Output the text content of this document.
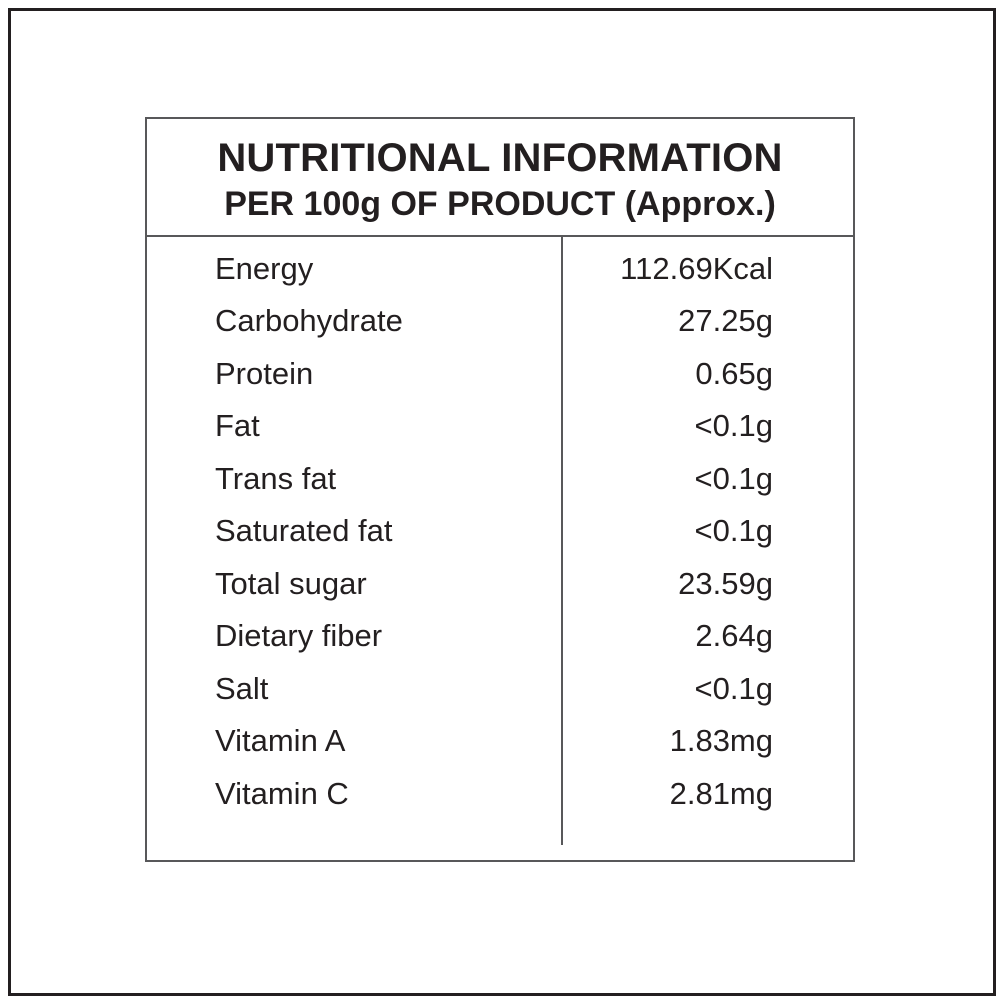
NUTRITIONAL INFORMATION
PER 100g OF PRODUCT (Approx.)
Energy	112.69Kcal
Carbohydrate	27.25g
Protein	0.65g
Fat	<0.1g
Trans fat	<0.1g
Saturated fat	<0.1g
Total sugar	23.59g
Dietary fiber	2.64g
Salt	<0.1g
Vitamin A	1.83mg
Vitamin C	2.81mg
